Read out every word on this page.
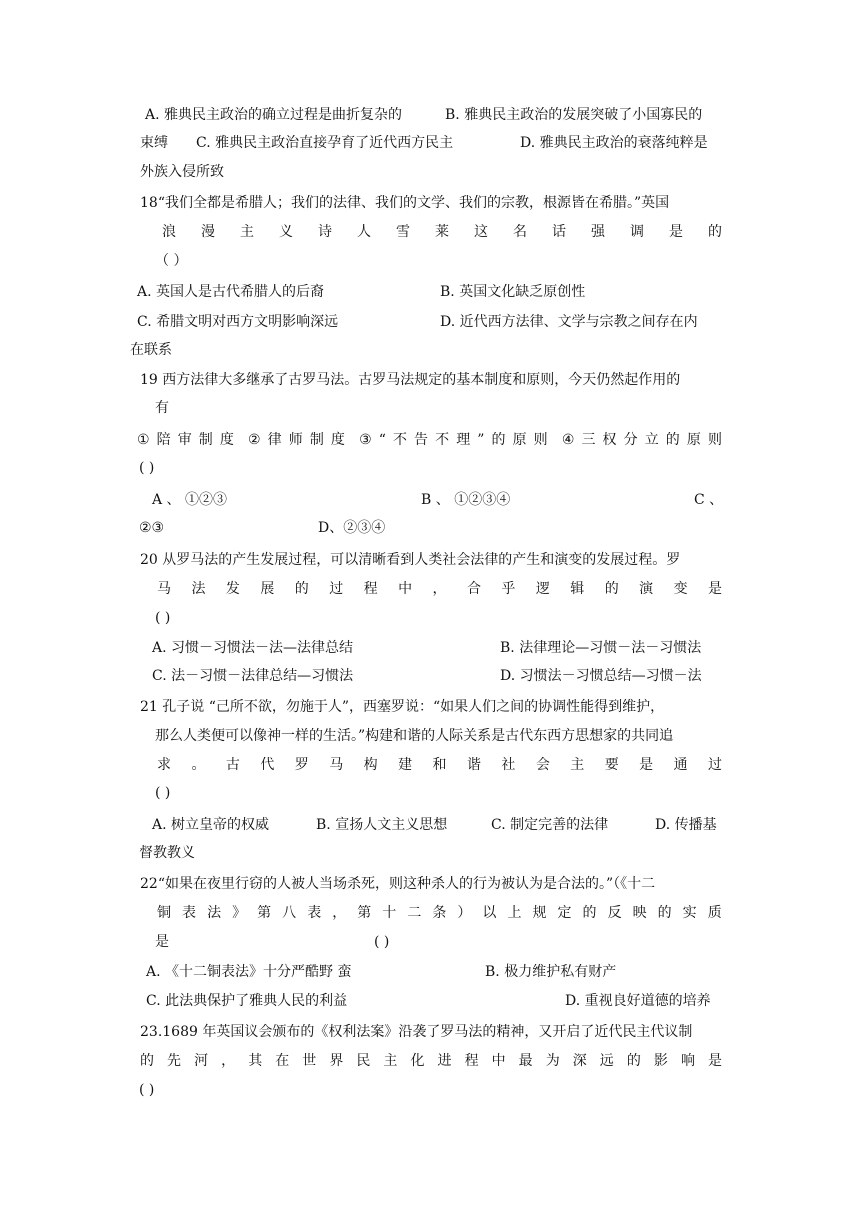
A. 雅典民主政治的确立过程是曲折复杂的	B. 雅典民主政治的发展突破了小国寡民的
束缚 C. 雅典民主政治直接孕育了近代西方民主	D. 雅典民主政治的衰落纯粹是
外族入侵所致
18“我们全都是希腊人；我们的法律、我们的文学、我们的宗教，根源皆在希腊。”英国
浪 漫 主 义 诗 人 雪 莱 这 名 话 强 调 是 的
（ ）
A. 英国人是古代希腊人的后裔	B. 英国文化缺乏原创性
C. 希腊文明对西方文明影响深远	D. 近代西方法律、文学与宗教之间存在内
在联系
19 西方法律大多继承了古罗马法。古罗马法规定的基本制度和原则，今天仍然起作用的
有
① 陪 审 制 度 ② 律 师 制 度 ③ “ 不 告 不 理 ” 的 原 则 ④ 三 权 分 立 的 原 则
( )
A 、 ①②③	B 、 ①②③④	C 、
②③	D、②③④
20 从罗马法的产生发展过程，可以清晰看到人类社会法律的产生和演变的发展过程。罗
马 法 发 展 的 过 程 中 ， 合 乎 逻 辑 的 演 变 是
( )
A. 习惯－习惯法－法—法律总结	B. 法律理论—习惯－法－习惯法
C. 法－习惯－法律总结—习惯法	D. 习惯法－习惯总结—习惯－法
21 孔子说 “己所不欲，勿施于人”，西塞罗说：“如果人们之间的协调性能得到维护，
那么人类便可以像神一样的生活。”构建和谐的人际关系是古代东西方思想家的共同追
求 。 古 代 罗 马 构 建 和 谐 社 会 主 要 是 通 过
( )
A. 树立皇帝的权威	B. 宣扬人文主义思想	C. 制定完善的法律	D. 传播基
督教教义
22“如果在夜里行窃的人被人当场杀死，则这种杀人的行为被认为是合法的。”（《十二
铜 表 法 》 第 八 表 ， 第 十 二 条 ） 以 上 规 定 的 反 映 的 实 质
是	( )
A. 《十二铜表法》十分严酷野 蛮	B. 极力维护私有财产
C. 此法典保护了雅典人民的利益	D. 重视良好道德的培养
23.1689 年英国议会颁布的《权利法案》沿袭了罗马法的精神，又开启了近代民主代议制
的 先 河 ， 其 在 世 界 民 主 化 进 程 中 最 为 深 远 的 影 响 是
( )
